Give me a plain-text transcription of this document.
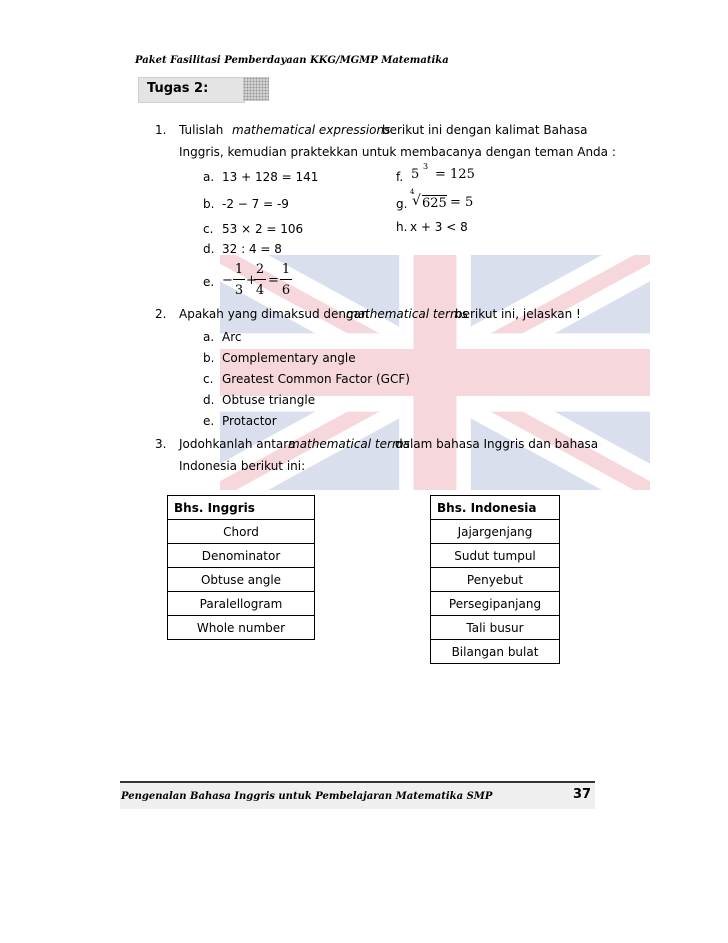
Paket Fasilitasi Pemberdayaan KKG/MGMP Matematika
Tugas 2:
1. Tulislah mathematical expressions
berikut ini dengan kalimat Bahasa
Inggris, kemudian praktekkan untuk membacanya dengan teman Anda :
a. 13 + 128 = 141
b. -2 − 7 = -9
c. 53 × 2 = 106
d. 32 : 4 = 8
e. −
1
3
+
2
4
=
1
6
f. 5
3
= 125
g.
4
√ 625 = 5
h. x + 3 < 8
2. Apakah yang dimaksud dengan
mathematical terms
berikut ini, jelaskan !
a. Arc
b. Complementary angle
c. Greatest Common Factor (GCF)
d. Obtuse triangle
e. Protactor
3. Jodohkanlah antara
mathematical terms
dalam bahasa Inggris dan bahasa
Indonesia berikut ini:
Bhs. Inggris
Chord
Denominator
Obtuse angle
Paralellogram
Whole number
Bhs. Indonesia
Jajargenjang
Sudut tumpul
Penyebut
Persegipanjang
Tali busur
Bilangan bulat
Pengenalan Bahasa Inggris untuk Pembelajaran Matematika SMP	37
